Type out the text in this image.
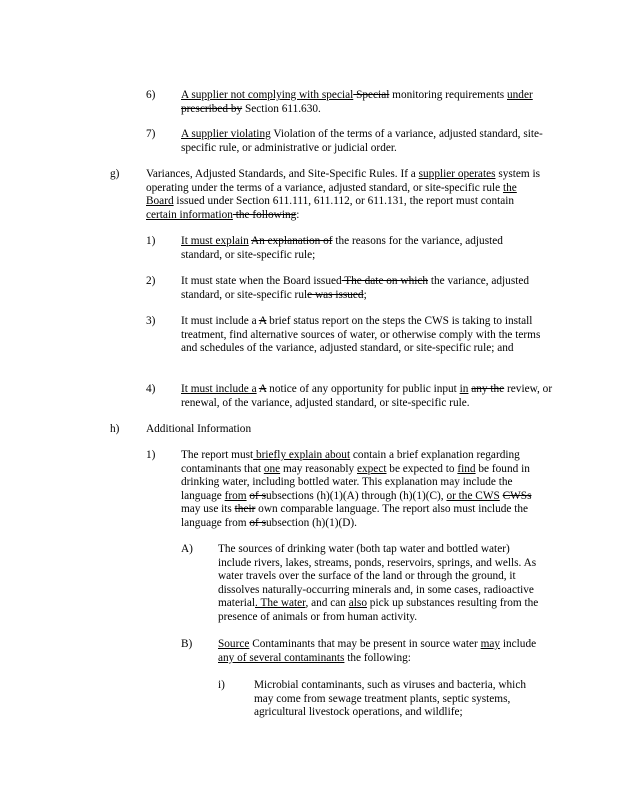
6) A supplier not complying with special Special monitoring requirements under prescribed by Section 611.630.
7) A supplier violating Violation of the terms of a variance, adjusted standard, site-specific rule, or administrative or judicial order.
g) Variances, Adjusted Standards, and Site-Specific Rules. If a supplier operates system is operating under the terms of a variance, adjusted standard, or site-specific rule the Board issued under Section 611.111, 611.112, or 611.131, the report must contain certain information the following:
1) It must explain An explanation of the reasons for the variance, adjusted standard, or site-specific rule;
2) It must state when the Board issued The date on which the variance, adjusted standard, or site-specific rule was issued;
3) It must include a A brief status report on the steps the CWS is taking to install treatment, find alternative sources of water, or otherwise comply with the terms and schedules of the variance, adjusted standard, or site-specific rule; and
4) It must include a A notice of any opportunity for public input in any the review, or renewal, of the variance, adjusted standard, or site-specific rule.
h) Additional Information
1) The report must briefly explain about contain a brief explanation regarding contaminants that one may reasonably expect be expected to find be found in drinking water, including bottled water. This explanation may include the language from of subsections (h)(1)(A) through (h)(1)(C), or the CWS CWSs may use its their own comparable language. The report also must include the language from of subsection (h)(1)(D).
A) The sources of drinking water (both tap water and bottled water) include rivers, lakes, streams, ponds, reservoirs, springs, and wells. As water travels over the surface of the land or through the ground, it dissolves naturally-occurring minerals and, in some cases, radioactive material. The water, and can also pick up substances resulting from the presence of animals or from human activity.
B) Source Contaminants that may be present in source water may include any of several contaminants the following:
i)	Microbial contaminants, such as viruses and bacteria, which may come from sewage treatment plants, septic systems, agricultural livestock operations, and wildlife;
